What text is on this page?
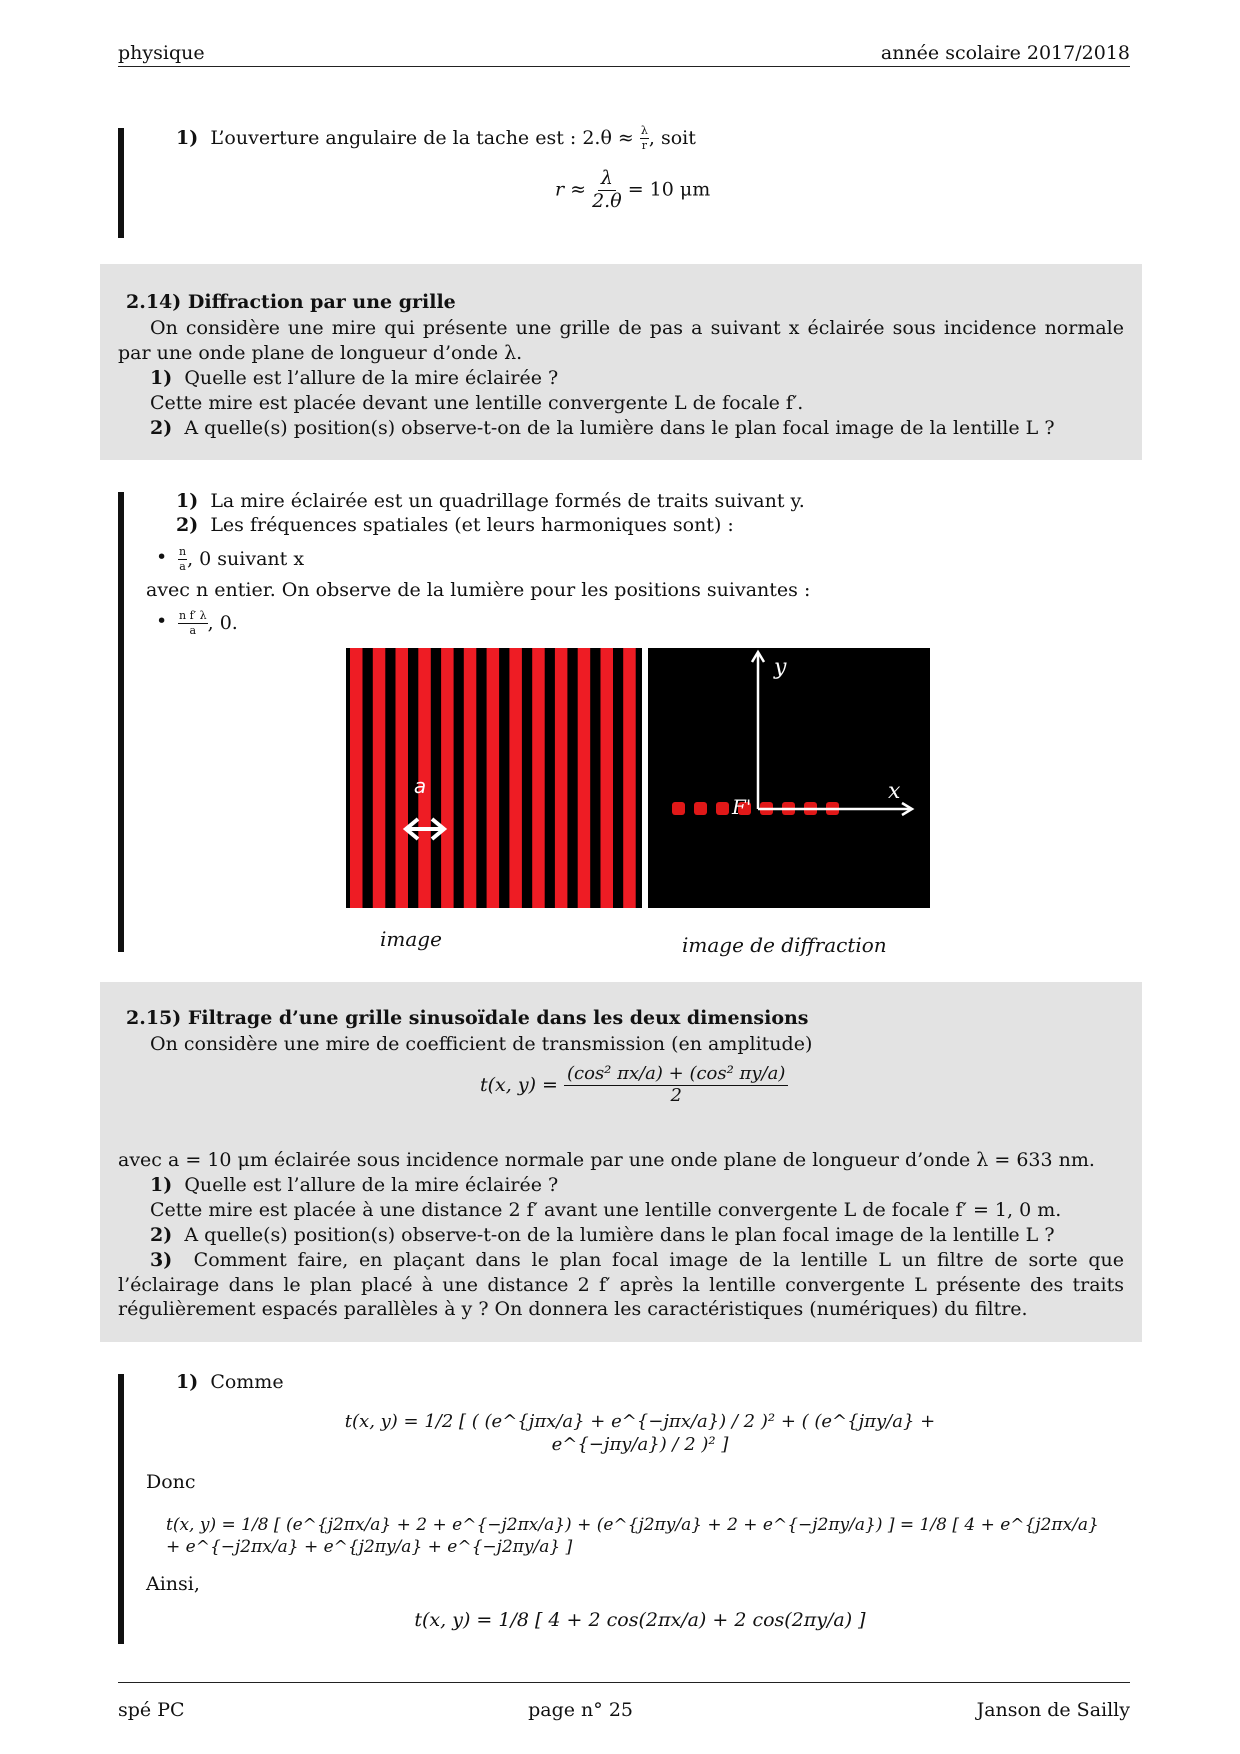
physique	année scolaire 2017/2018
1) L’ouverture angulaire de la tache est : $2.\theta \approx \frac{\lambda}{r}$ , soit
$r \approx \frac{\lambda}{2.\theta} = 10$ μm
2.14) Diffraction par une grille
On considère une mire qui présente une grille de pas a suivant x éclairée sous incidence normale par une onde plane de longueur d’onde λ.
1) Quelle est l’allure de la mire éclairée ?
Cette mire est placée devant une lentille convergente L de focale f′.
2) A quelle(s) position(s) observe-t-on de la lumière dans le plan focal image de la lentille L ?
1) La mire éclairée est un quadrillage formés de traits suivant y.
2) Les fréquences spatiales (et leurs harmoniques sont) :
• $\frac{n}{a}$ , 0 suivant x
avec n entier. On observe de la lumière pour les positions suivantes :
• $\frac{\text{n f′ λ}}{a}$ , 0.
a
y
x
F'
image	image de diffraction
2.15) Filtrage d’une grille sinusoïdale dans les deux dimensions
On considère une mire de coefficient de transmission (en amplitude)
t(x, $y) = \frac{\text{(cos² πx/a) + (cos² πy/a)}}{2}$
avec a = 10 μm éclairée sous incidence normale par une onde plane de longueur d’onde λ = 633 nm.
1) Quelle est l’allure de la mire éclairée ?
Cette mire est placée à une distance 2 f′ avant une lentille convergente L de focale f′ = 1, 0 m.
2) A quelle(s) position(s) observe-t-on de la lumière dans le plan focal image de la lentille L ?
3) Comment faire, en plaçant dans le plan focal image de la lentille L un filtre de sorte que l’éclairage dans le plan placé à une distance 2 f′ après la lentille convergente L présente des traits régulièrement espacés parallèles à y ? On donnera les caractéristiques (numériques) du filtre.
1) Comme
t(x, y) = 1/2 [ ( (e^{jπx/a} + e^{−jπx/a}) / 2 )² + ( (e^{jπy/a} + e^{−jπy/a}) / 2 )² ]
Donc
t(x, y) = 1/8 [ (e^{j2πx/a} + 2 + e^{−j2πx/a}) + (e^{j2πy/a} + 2 + e^{−j2πy/a}) ] = 1/8 [ 4 + e^{j2πx/a} + e^{−j2πx/a} + e^{j2πy/a} + e^{−j2πy/a} ]
Ainsi,
t(x, y) = 1/8 [ 4 + 2 cos(2πx/a) + 2 cos(2πy/a) ]
spé PC	page n° 25	Janson de Sailly
